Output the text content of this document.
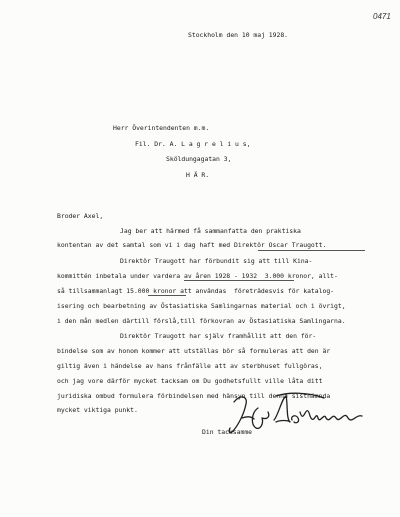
0471
Stockholm den 10 maj 1928.
Herr Överintendenten m.m.
Fil. Dr. A. L a g r e l i u s,
Sköldungagatan 3,
H Ä R.
Broder Axel,
Jag ber att härmed få sammanfatta den praktiska
kontentan av det samtal som vi i dag haft med Direktör Oscar Traugott.
Direktör Traugott har förbundit sig att till Kina-
kommittén inbetala under vardera av åren 1928 - 1932  3.000 kronor, allt-
så tillsammanlagt 15.000 kronor att användas  företrädesvis för katalog-
isering och bearbetning av Östasiatiska Samlingarnas material och i övrigt,
i den mån medlen därtill förslå,till förkovran av Östasiatiska Samlingarna.
Direktör Traugott har själv framhållit att den för-
bindelse som av honom kommer att utställas bör så formuleras att den är
giltig även i händelse av hans frånfälle att av sterbhuset fullgöras,
och jag vore därför mycket tacksam om Du godhetsfullt ville låta ditt
juridiska ombud formulera förbindelsen med hänsyn till denna sistnämnda
mycket viktiga punkt.
Din tacksamme
